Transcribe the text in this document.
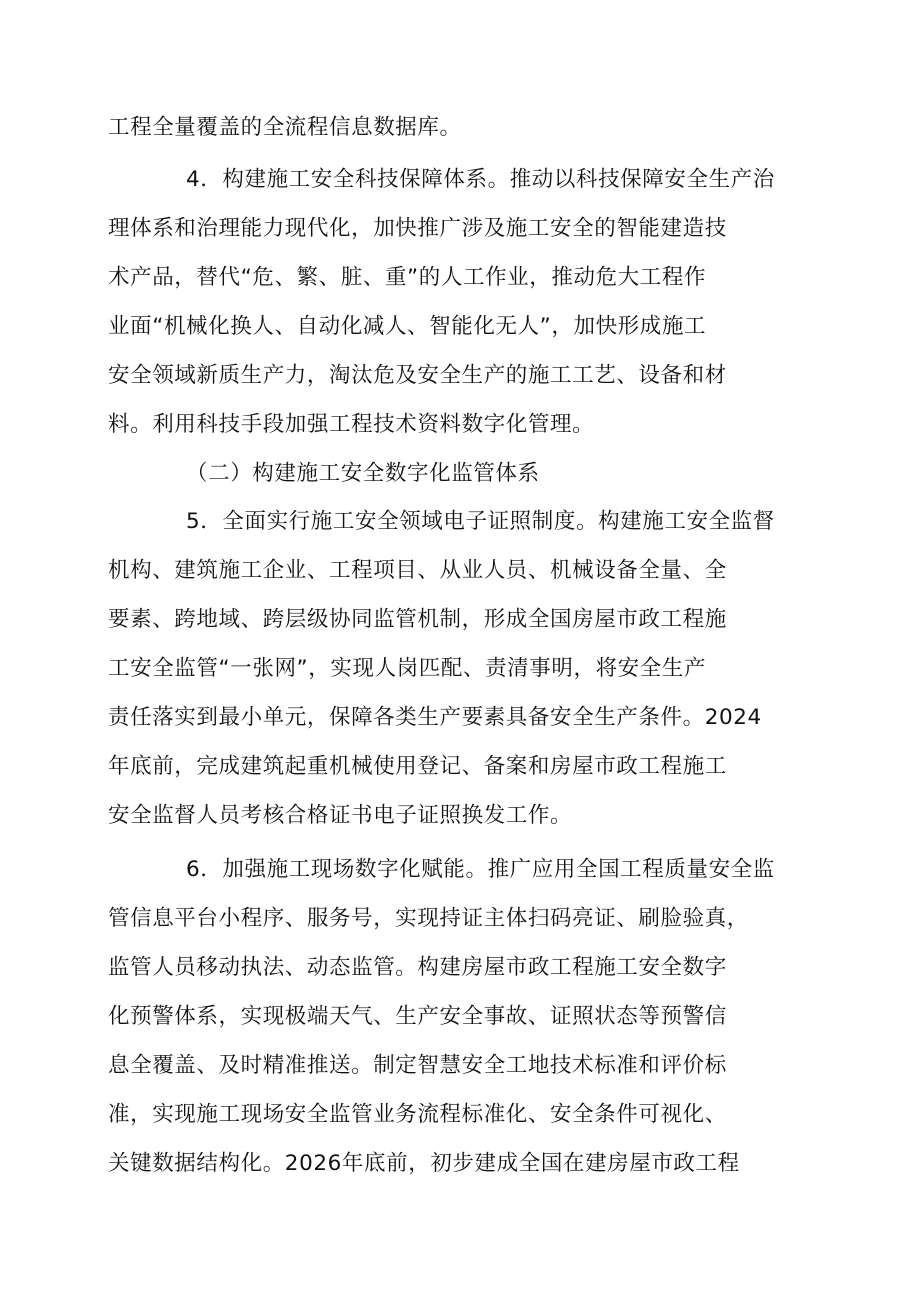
工程全量覆盖的全流程信息数据库。
4．构建施工安全科技保障体系。推动以科技保障安全生产治
理体系和治理能力现代化，加快推广涉及施工安全的智能建造技
术产品，替代“危、繁、脏、重”的人工作业，推动危大工程作
业面“机械化换人、自动化减人、智能化无人”，加快形成施工
安全领域新质生产力，淘汰危及安全生产的施工工艺、设备和材
料。利用科技手段加强工程技术资料数字化管理。
（二）构建施工安全数字化监管体系
5．全面实行施工安全领域电子证照制度。构建施工安全监督
机构、建筑施工企业、工程项目、从业人员、机械设备全量、全
要素、跨地域、跨层级协同监管机制，形成全国房屋市政工程施
工安全监管“一张网”，实现人岗匹配、责清事明，将安全生产
责任落实到最小单元，保障各类生产要素具备安全生产条件。2024
年底前，完成建筑起重机械使用登记、备案和房屋市政工程施工
安全监督人员考核合格证书电子证照换发工作。
6．加强施工现场数字化赋能。推广应用全国工程质量安全监
管信息平台小程序、服务号，实现持证主体扫码亮证、刷脸验真，
监管人员移动执法、动态监管。构建房屋市政工程施工安全数字
化预警体系，实现极端天气、生产安全事故、证照状态等预警信
息全覆盖、及时精准推送。制定智慧安全工地技术标准和评价标
准，实现施工现场安全监管业务流程标准化、安全条件可视化、
关键数据结构化。2026年底前，初步建成全国在建房屋市政工程
